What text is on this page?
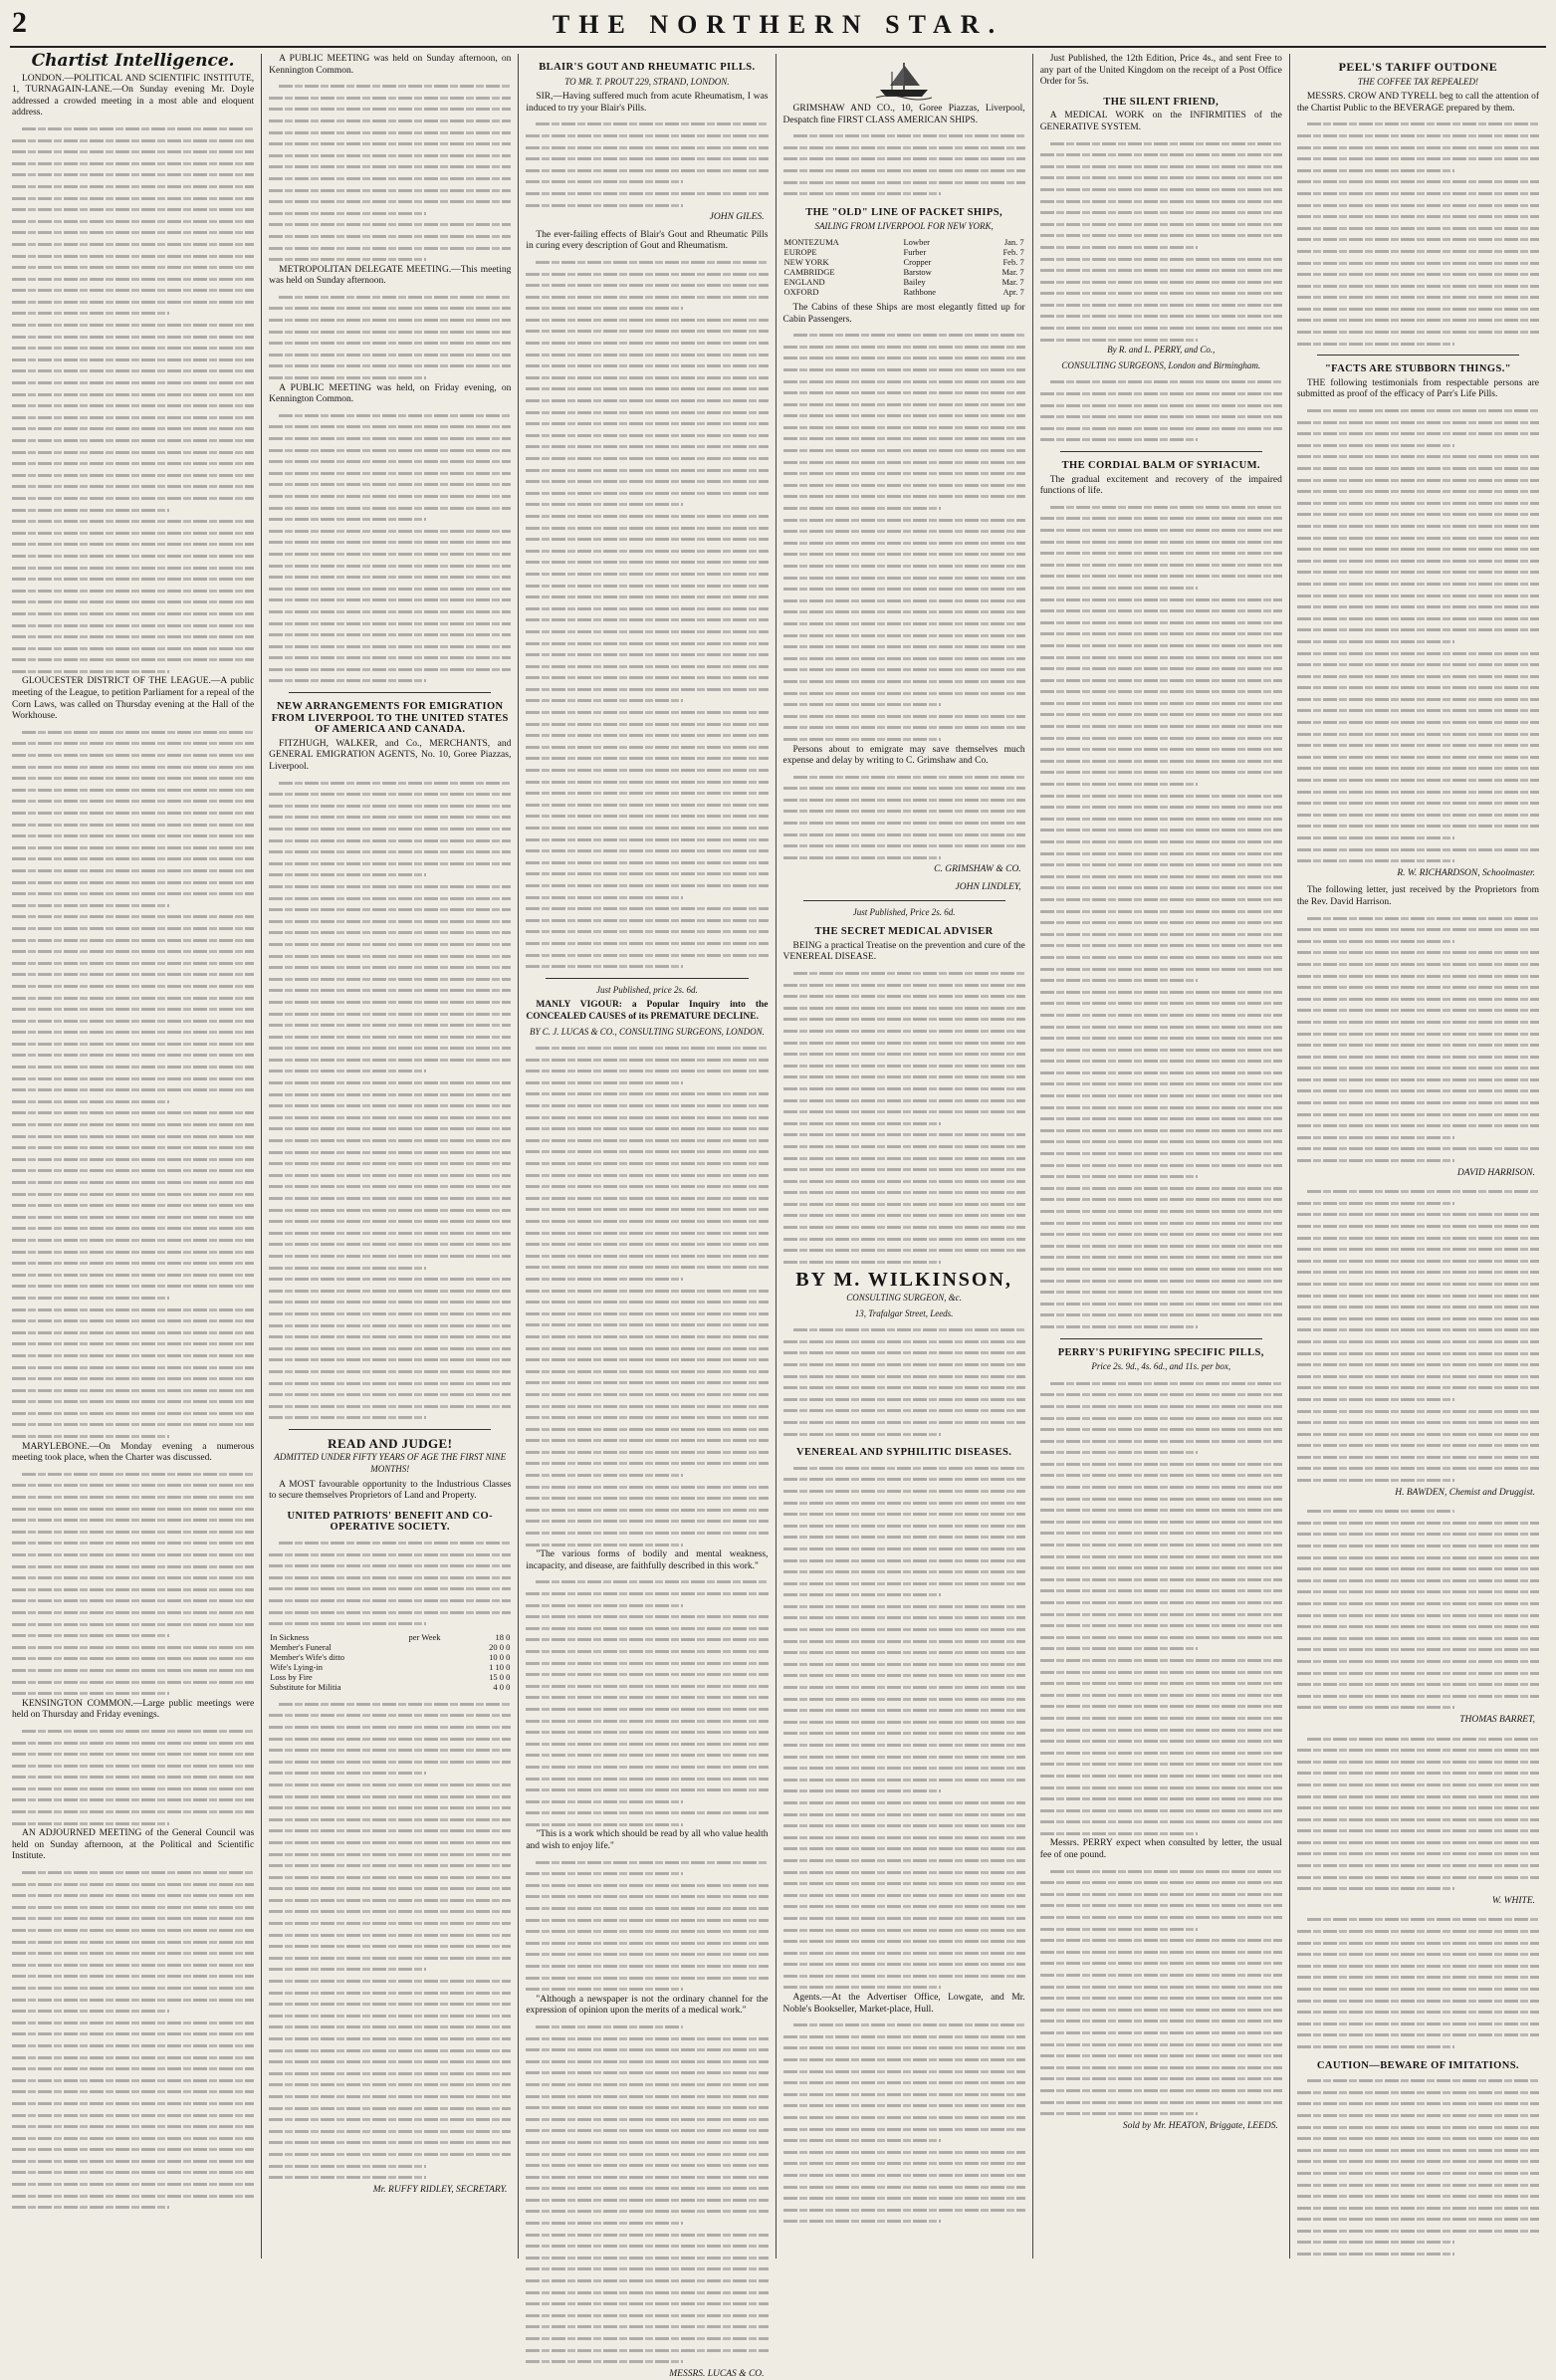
2	THE NORTHERN STAR.
Chartist Intelligence.

LONDON.—POLITICAL AND SCIENTIFIC INSTITUTE, 1, TURNAGAIN-LANE.—On Sunday evening Mr. Doyle addressed a crowded meeting in a most able and eloquent address.

GLOUCESTER DISTRICT OF THE LEAGUE.—A public meeting of the League, to petition Parliament for a repeal of the Corn Laws, was called on Thursday evening at the Hall of the Workhouse.

MARYLEBONE.—On Monday evening a numerous meeting took place, when the Charter was discussed.

KENSINGTON COMMON.—Large public meetings were held on Thursday and Friday evenings.

AN ADJOURNED MEETING of the General Council was held on Sunday afternoon, at the Political and Scientific Institute.

A PUBLIC MEETING was held on Sunday afternoon, on Kennington Common.

METROPOLITAN DELEGATE MEETING.—This meeting was held on Sunday afternoon.

A PUBLIC MEETING was held, on Friday evening, on Kennington Common.

NEW ARRANGEMENTS FOR EMIGRATION FROM LIVERPOOL TO THE UNITED STATES OF AMERICA AND CANADA.

FITZHUGH, WALKER, and Co., MERCHANTS, and GENERAL EMIGRATION AGENTS, No. 10, Goree Piazzas, Liverpool.

READ AND JUDGE!
ADMITTED UNDER FIFTY YEARS OF AGE THE FIRST NINE MONTHS!

A MOST favourable opportunity to the Industrious Classes to secure themselves Proprietors of Land and Property.

UNITED PATRIOTS' BENEFIT AND CO-OPERATIVE SOCIETY.
In Sickness	per Week	18 0
Member's Funeral		20 0 0
Member's Wife's ditto		10 0 0
Wife's Lying-in		1 10 0
Loss by Fire		15 0 0
Substitute for Militia		4 0 0
Mr. RUFFY RIDLEY, SECRETARY.
BLAIR'S GOUT AND RHEUMATIC PILLS.
TO MR. T. PROUT 229, STRAND, LONDON.

SIR,—Having suffered much from acute Rheumatism, I was induced to try your Blair's Pills.

JOHN GILES.

The ever-failing effects of Blair's Gout and Rheumatic Pills in curing every description of Gout and Rheumatism.

Just Published, price 2s. 6d.

MANLY VIGOUR: a Popular Inquiry into the CONCEALED CAUSES of its PREMATURE DECLINE.

BY C. J. LUCAS & CO., CONSULTING SURGEONS, LONDON.

"The various forms of bodily and mental weakness, incapacity, and disease, are faithfully described in this work."

"This is a work which should be read by all who value health and wish to enjoy life."

"Although a newspaper is not the ordinary channel for the expression of opinion upon the merits of a medical work."

MESSRS. LUCAS & CO.

GRIMSHAW AND CO., 10, Goree Piazzas, Liverpool, Despatch fine FIRST CLASS AMERICAN SHIPS.

THE "OLD" LINE OF PACKET SHIPS,
SAILING FROM LIVERPOOL FOR NEW YORK,
MONTEZUMA	Lowber	Jan. 7
EUROPE	Furber	Feb. 7
NEW YORK	Cropper	Feb. 7
CAMBRIDGE	Barstow	Mar. 7
ENGLAND	Bailey	Mar. 7
OXFORD	Rathbone	Apr. 7

The Cabins of these Ships are most elegantly fitted up for Cabin Passengers.

Persons about to emigrate may save themselves much expense and delay by writing to C. Grimshaw and Co.

C. GRIMSHAW & CO.
JOHN LINDLEY,
Just Published, Price 2s. 6d.
THE SECRET MEDICAL ADVISER

BEING a practical Treatise on the prevention and cure of the VENEREAL DISEASE.

BY M. WILKINSON,
CONSULTING SURGEON, &c.
13, Trafalgar Street, Leeds.
VENEREAL AND SYPHILITIC DISEASES.

Agents.—At the Advertiser Office, Lowgate, and Mr. Noble's Bookseller, Market-place, Hull.

Just Published, the 12th Edition, Price 4s., and sent Free to any part of the United Kingdom on the receipt of a Post Office Order for 5s.

THE SILENT FRIEND,

A MEDICAL WORK on the INFIRMITIES of the GENERATIVE SYSTEM.

By R. and L. PERRY, and Co.,
CONSULTING SURGEONS, London and Birmingham.
THE CORDIAL BALM OF SYRIACUM.

The gradual excitement and recovery of the impaired functions of life.

PERRY'S PURIFYING SPECIFIC PILLS,
Price 2s. 9d., 4s. 6d., and 11s. per box,

Messrs. PERRY expect when consulted by letter, the usual fee of one pound.

Sold by Mr. HEATON, Briggate, LEEDS.
PEEL'S TARIFF OUTDONE
THE COFFEE TAX REPEALED!

MESSRS. CROW AND TYRELL beg to call the attention of the Chartist Public to the BEVERAGE prepared by them.

"FACTS ARE STUBBORN THINGS."

THE following testimonials from respectable persons are submitted as proof of the efficacy of Parr's Life Pills.

R. W. RICHARDSON, Schoolmaster.

The following letter, just received by the Proprietors from the Rev. David Harrison.

DAVID HARRISON.
H. BAWDEN, Chemist and Druggist.
THOMAS BARRET,
W. WHITE.
CAUTION—BEWARE OF IMITATIONS.
